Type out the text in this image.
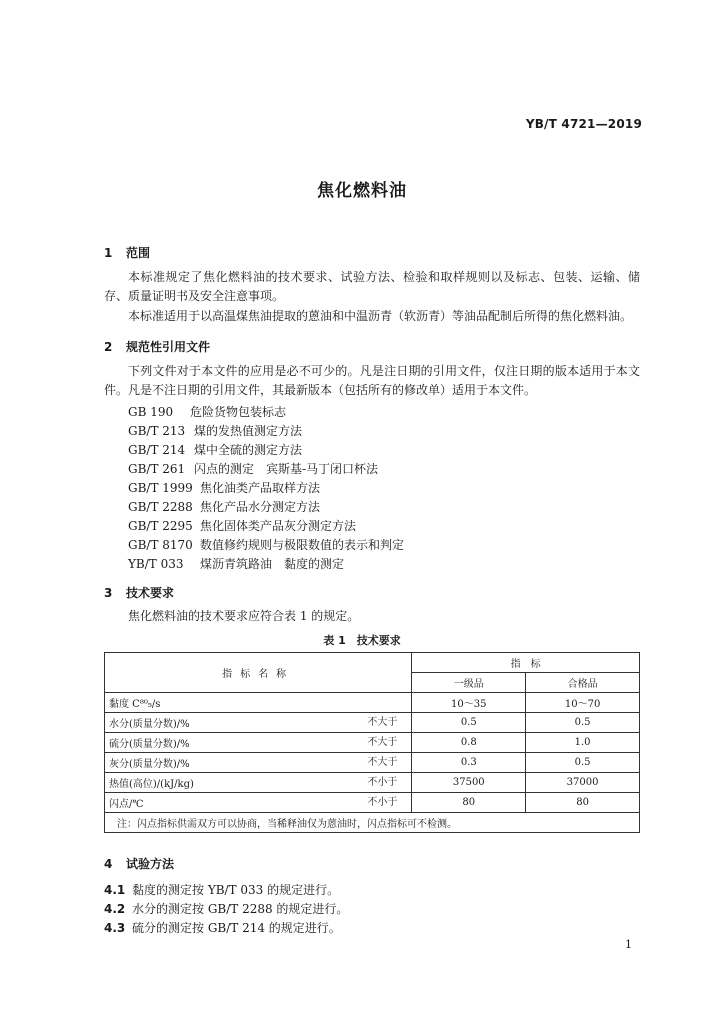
YB/T 4721—2019
焦化燃料油
1 范围
本标准规定了焦化燃料油的技术要求、试验方法、检验和取样规则以及标志、包装、运输、储存、质量证明书及安全注意事项。
本标准适用于以高温煤焦油提取的蒽油和中温沥青（软沥青）等油品配制后所得的焦化燃料油。
2 规范性引用文件
下列文件对于本文件的应用是必不可少的。凡是注日期的引用文件，仅注日期的版本适用于本文件。凡是不注日期的引用文件，其最新版本（包括所有的修改单）适用于本文件。
GB 190 危险货物包装标志
GB/T 213 煤的发热值测定方法
GB/T 214 煤中全硫的测定方法
GB/T 261 闪点的测定　宾斯基-马丁闭口杯法
GB/T 1999 焦化油类产品取样方法
GB/T 2288 焦化产品水分测定方法
GB/T 2295 焦化固体类产品灰分测定方法
GB/T 8170 数值修约规则与极限数值的表示和判定
YB/T 033 煤沥青筑路油　黏度的测定
3 技术要求
焦化燃料油的技术要求应符合表 1 的规定。
表 1　技术要求
指标名称	指　标	
	一级品	合格品
黏度 C⁸⁰₅/s	10～35	10～70
水分(质量分数)/% 不大于	0.5	0.5
硫分(质量分数)/% 不大于	0.8	1.0
灰分(质量分数)/% 不大于	0.3	0.5
热值(高位)/(kJ/kg) 不小于	37500	37000
闪点/℃ 不小于	80	80
注：闪点指标供需双方可以协商，当稀释油仅为蒽油时，闪点指标可不检测。		
4 试验方法
4.1 黏度的测定按 YB/T 033 的规定进行。
4.2 水分的测定按 GB/T 2288 的规定进行。
4.3 硫分的测定按 GB/T 214 的规定进行。
1
